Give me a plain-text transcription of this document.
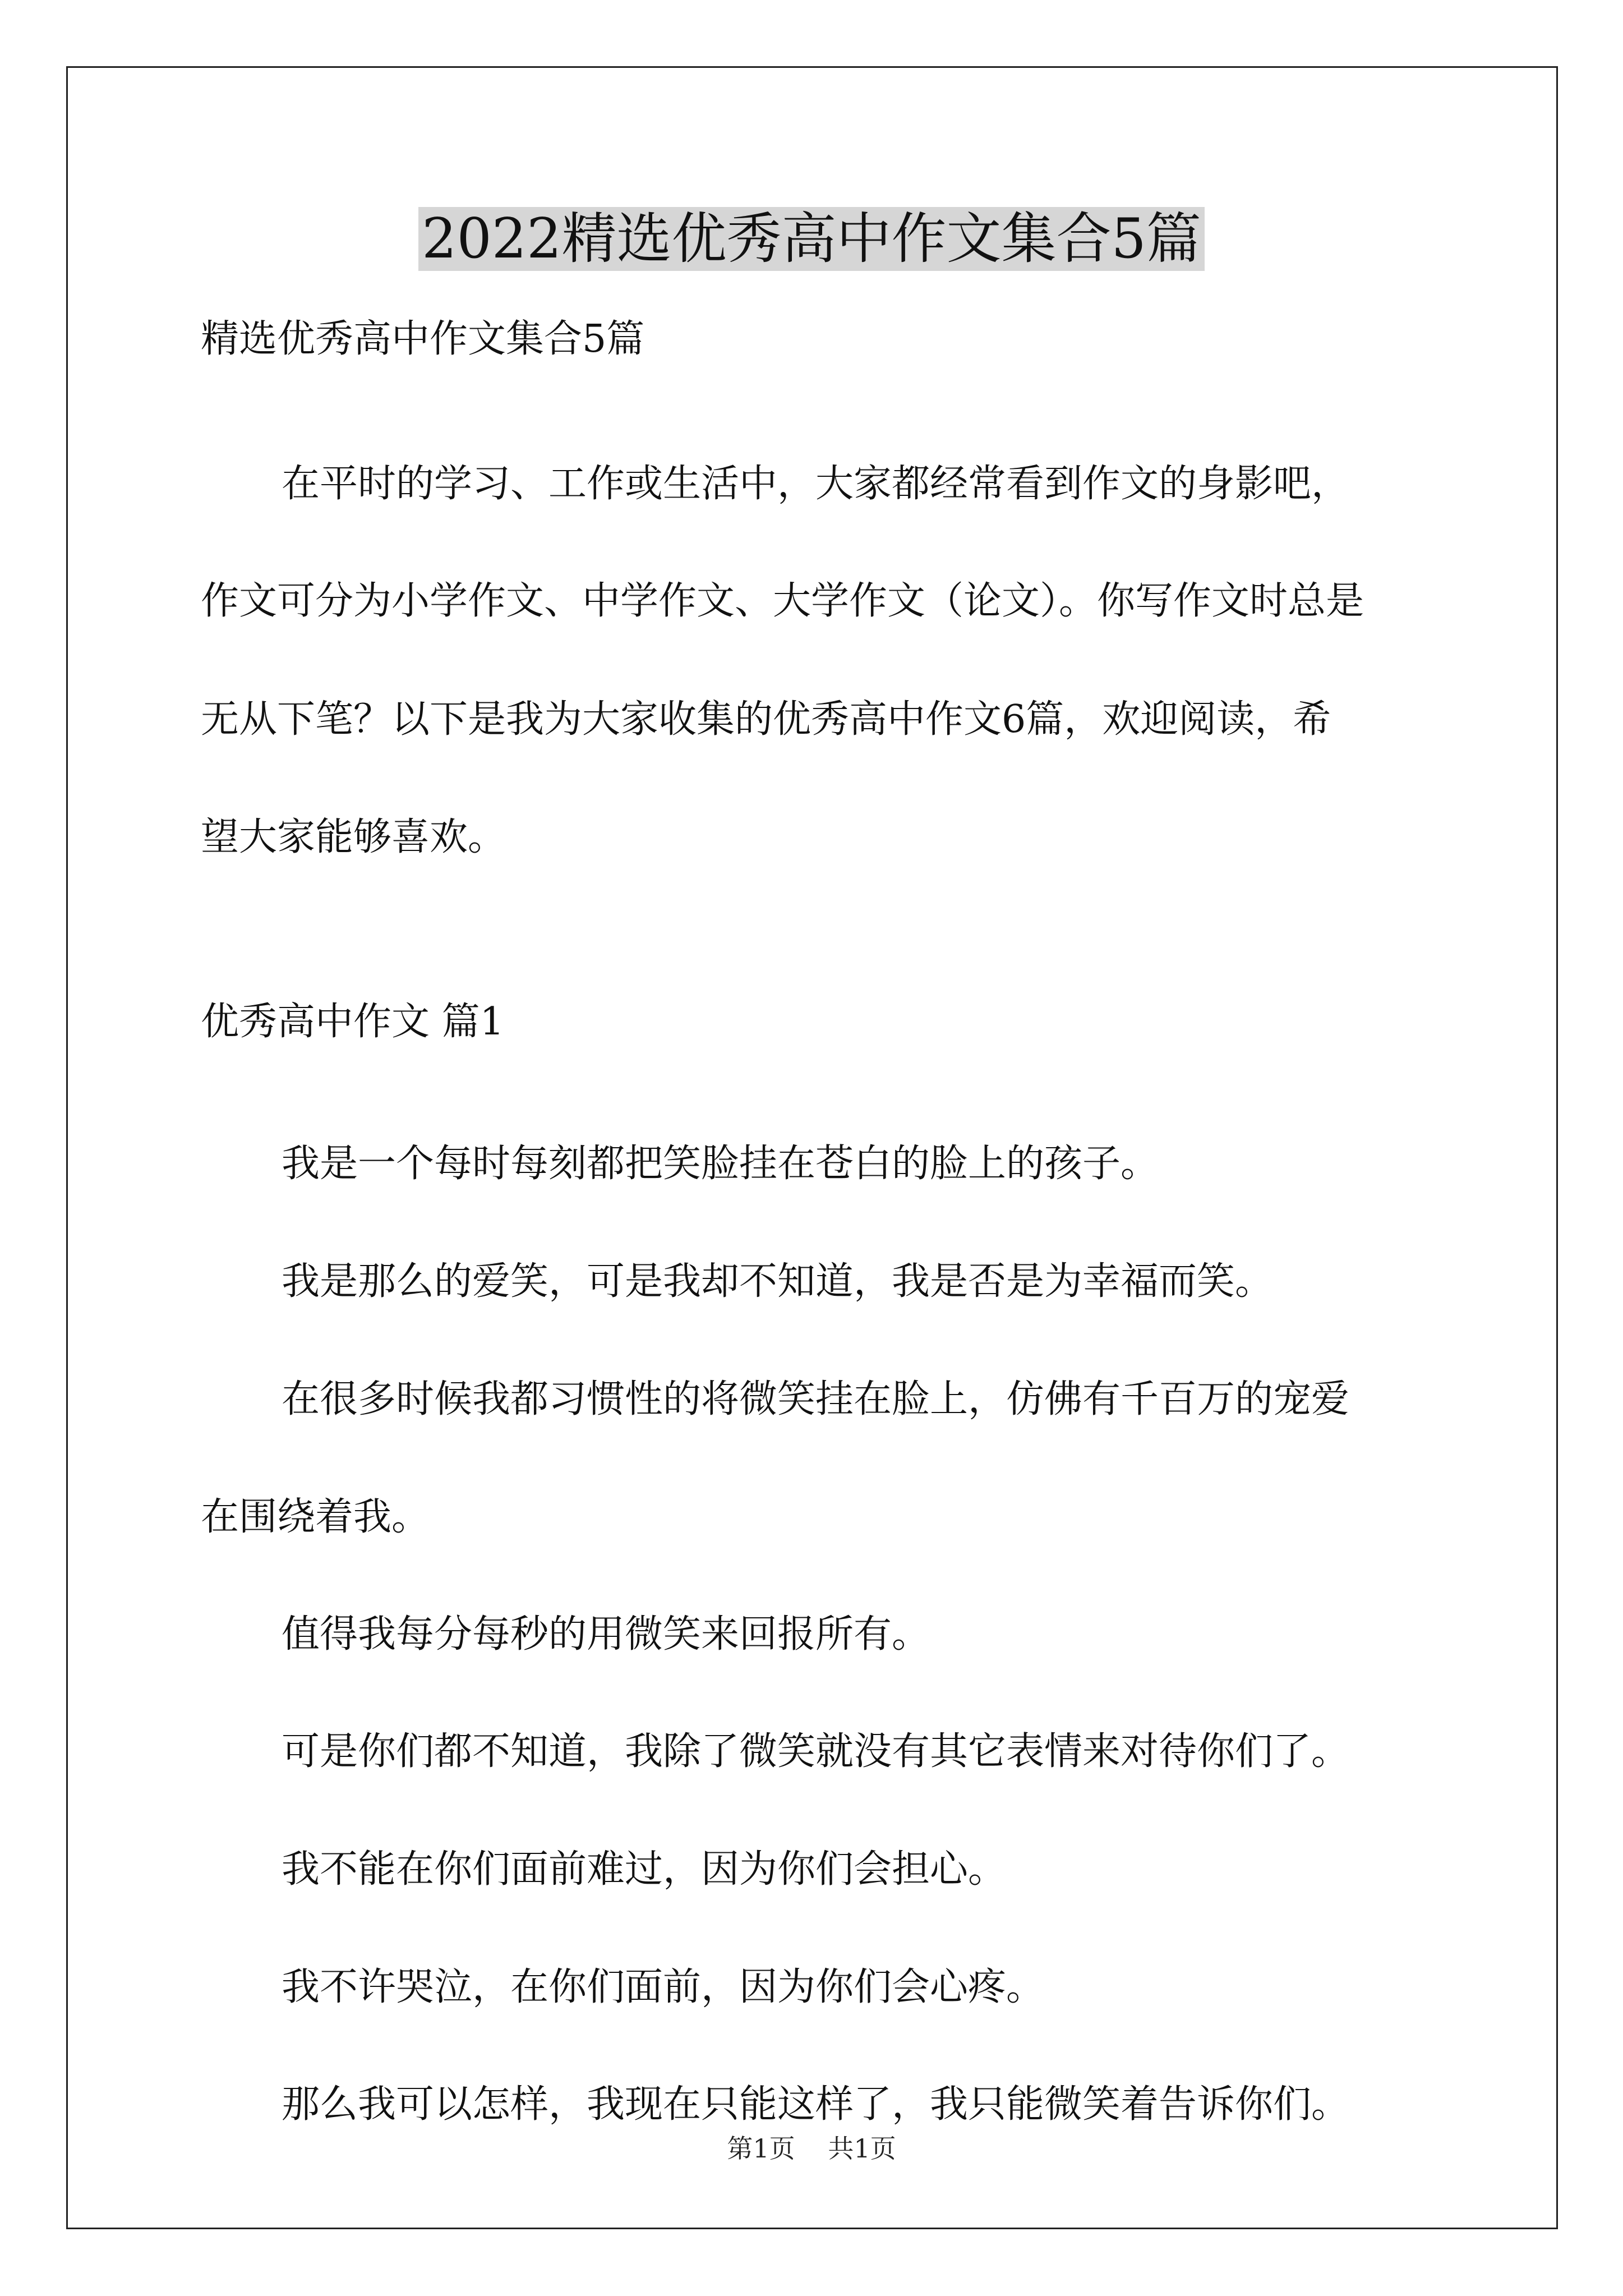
2022精选优秀高中作文集合5篇
精选优秀高中作文集合5篇
在平时的学习、工作或生活中，大家都经常看到作文的身影吧，
作文可分为小学作文、中学作文、大学作文（论文）。你写作文时总是
无从下笔？以下是我为大家收集的优秀高中作文6篇，欢迎阅读，希
望大家能够喜欢。
优秀高中作文 篇1
我是一个每时每刻都把笑脸挂在苍白的脸上的孩子。
我是那么的爱笑，可是我却不知道，我是否是为幸福而笑。
在很多时候我都习惯性的将微笑挂在脸上，仿佛有千百万的宠爱
在围绕着我。
值得我每分每秒的用微笑来回报所有。
可是你们都不知道，我除了微笑就没有其它表情来对待你们了。
我不能在你们面前难过，因为你们会担心。
我不许哭泣，在你们面前，因为你们会心疼。
那么我可以怎样，我现在只能这样了，我只能微笑着告诉你们。
第1页 共1页
